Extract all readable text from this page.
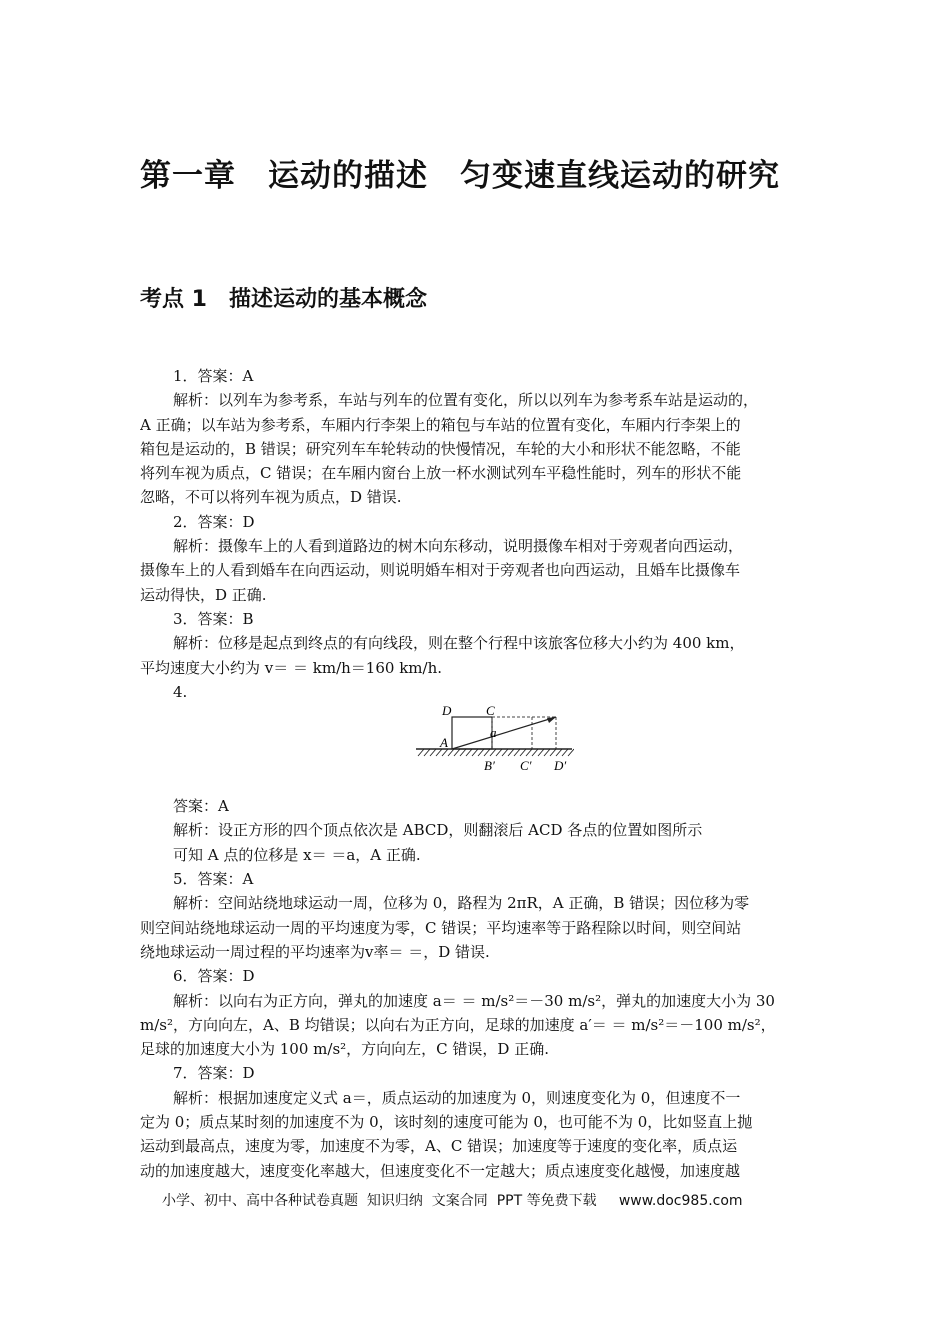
第一章　运动的描述　匀变速直线运动的研究
考点 1　描述运动的基本概念
1．答案：A
解析：以列车为参考系，车站与列车的位置有变化，所以以列车为参考系车站是运动的，
A 正确；以车站为参考系，车厢内行李架上的箱包与车站的位置有变化，车厢内行李架上的
箱包是运动的，B 错误；研究列车车轮转动的快慢情况，车轮的大小和形状不能忽略，不能
将列车视为质点，C 错误；在车厢内窗台上放一杯水测试列车平稳性能时，列车的形状不能
忽略，不可以将列车视为质点，D 错误.
2．答案：D
解析：摄像车上的人看到道路边的树木向东移动，说明摄像车相对于旁观者向西运动，
摄像车上的人看到婚车在向西运动，则说明婚车相对于旁观者也向西运动，且婚车比摄像车
运动得快，D 正确.
3．答案：B
解析：位移是起点到终点的有向线段，则在整个行程中该旅客位移大小约为 400 km，
平均速度大小约为 v＝ ＝ km/h＝160 km/h.
4.
D	C
A
a
B′ C′ D′
答案：A
解析：设正方形的四个顶点依次是 ABCD，则翻滚后 ACD 各点的位置如图所示
可知 A 点的位移是 x＝ ＝a，A 正确.
5．答案：A
解析：空间站绕地球运动一周，位移为 0，路程为 2πR，A 正确，B 错误；因位移为零
则空间站绕地球运动一周的平均速度为零，C 错误；平均速率等于路程除以时间，则空间站
绕地球运动一周过程的平均速率为v率＝ ＝，D 错误.
6．答案：D
解析：以向右为正方向，弹丸的加速度 a＝ ＝ m/s²＝－30 m/s²，弹丸的加速度大小为 30
m/s²，方向向左，A、B 均错误；以向右为正方向，足球的加速度 a′＝ ＝ m/s²＝－100 m/s²，
足球的加速度大小为 100 m/s²，方向向左，C 错误，D 正确.
7．答案：D
解析：根据加速度定义式 a＝，质点运动的加速度为 0，则速度变化为 0，但速度不一
定为 0；质点某时刻的加速度不为 0，该时刻的速度可能为 0，也可能不为 0，比如竖直上抛
运动到最高点，速度为零，加速度不为零，A、C 错误；加速度等于速度的变化率，质点运
动的加速度越大，速度变化率越大，但速度变化不一定越大；质点速度变化越慢，加速度越
小学、初中、高中各种试卷真题  知识归纳  文案合同  PPT 等免费下载     www.doc985.com
